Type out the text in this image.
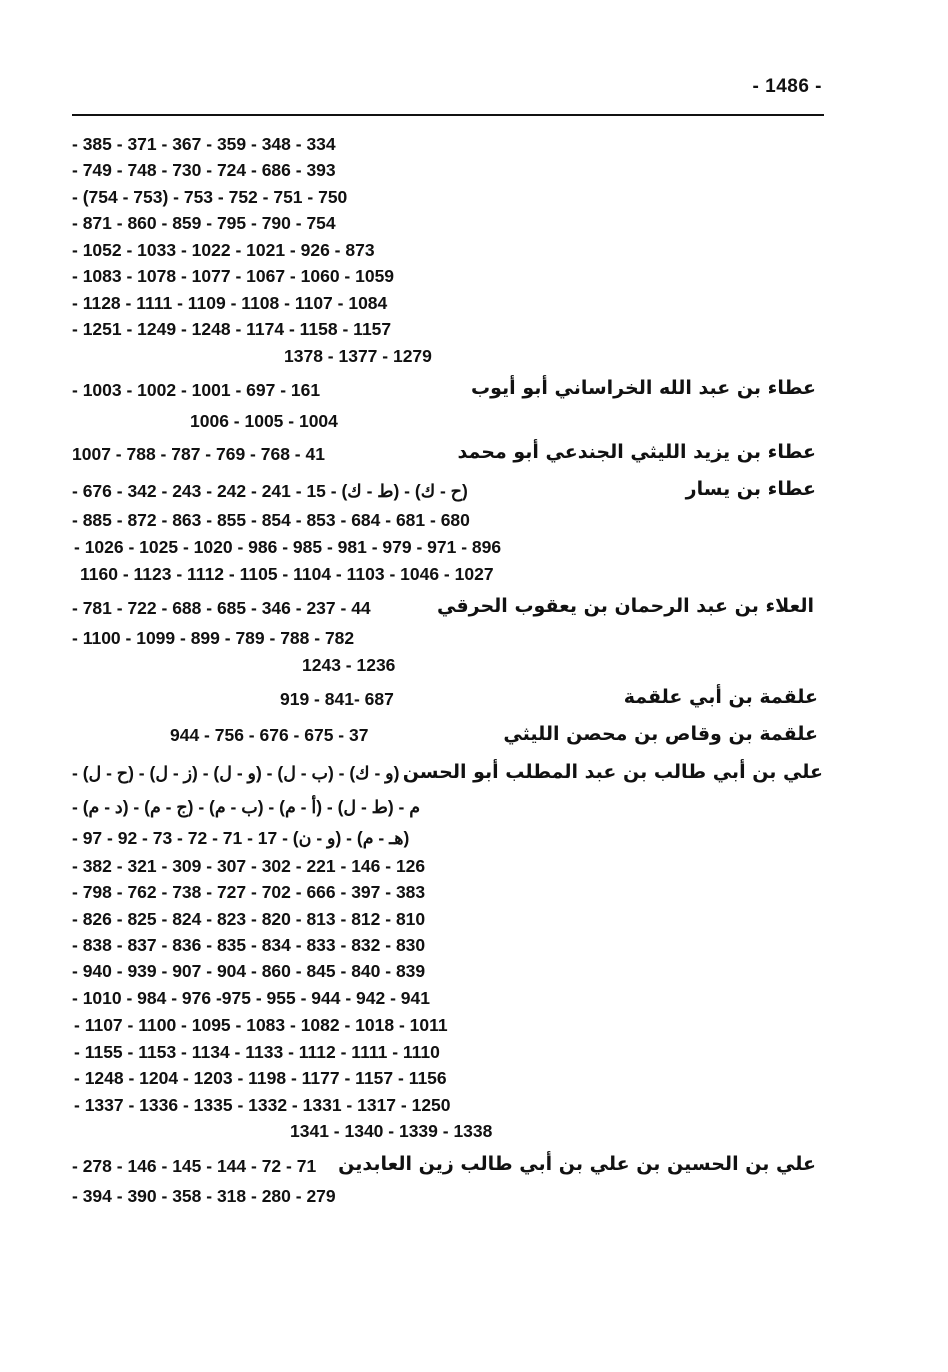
- 1486 -
- 385 - 371 - 367 - 359 - 348 - 334
- 749 - 748 - 730 - 724 - 686 - 393
- (754 - 753) - 753 - 752 - 751 - 750
- 871 - 860 - 859 - 795 - 790 - 754
- 1052 - 1033 - 1022 - 1021 - 926 - 873
- 1083 - 1078 - 1077 - 1067 - 1060 - 1059
- 1128 - 1111 - 1109 - 1108 - 1107 - 1084
- 1251 - 1249 - 1248 - 1174 - 1158 - 1157
1378 - 1377 - 1279
- 1003 - 1002 - 1001 - 697 - 161
1006 - 1005 - 1004
1007 - 788 - 787 - 769 - 768 - 41
- 676 - 342 - 243 - 242 - 241 - 15 - (ط - ك) - (ح - ك)
- 885 - 872 - 863 - 855 - 854 - 853 - 684 - 681 - 680
- 1026 - 1025 - 1020 - 986 - 985 - 981 - 979 - 971 - 896
1160 - 1123 - 1112 - 1105 - 1104 - 1103 - 1046 - 1027
- 781 - 722 - 688 - 685 - 346 - 237 - 44
- 1100 - 1099 - 899 - 789 - 788 - 782
1243 - 1236
919 - 841- 687
944 - 756 - 676 - 675 - 37
- (ح - ل) - (ز - ل) - (و - ل) - (ب - ل) - (و - ك)
- (د - م) - (ج - م) - (ب - م) - (أ - م) - م - (ط - ل)
- 97 - 92 - 73 - 72 - 71 - 17 - (و - ن) - (هـ - م)
- 382 - 321 - 309 - 307 - 302 - 221 - 146 - 126
- 798 - 762 - 738 - 727 - 702 - 666 - 397 - 383
- 826 - 825 - 824 - 823 - 820 - 813 - 812 - 810
- 838 - 837 - 836 - 835 - 834 - 833 - 832 - 830
- 940 - 939 - 907 - 904 - 860 - 845 - 840 - 839
- 1010 - 984 - 976 -975 - 955 - 944 - 942 - 941
- 1107 - 1100 - 1095 - 1083 - 1082 - 1018 - 1011
- 1155 - 1153 - 1134 - 1133 - 1112 - 1111 - 1110
- 1248 - 1204 - 1203 - 1198 - 1177 - 1157 - 1156
- 1337 - 1336 - 1335 - 1332 - 1331 - 1317 - 1250
1341 - 1340 - 1339 - 1338
- 278 - 146 - 145 - 144 - 72 - 71
- 394 - 390 - 358 - 318 - 280 - 279
عطاء بن عبد الله الخراساني أبو أيوب
عطاء بن يزيد الليثي الجندعي أبو محمد
عطاء بن يسار
العلاء بن عبد الرحمان بن يعقوب الحرقي
علقمة بن أبي علقمة
علقمة بن وقاص بن محصن الليثي
علي بن أبي طالب بن عبد المطلب أبو الحسن
علي بن الحسين بن علي بن أبي طالب زين العابدين
